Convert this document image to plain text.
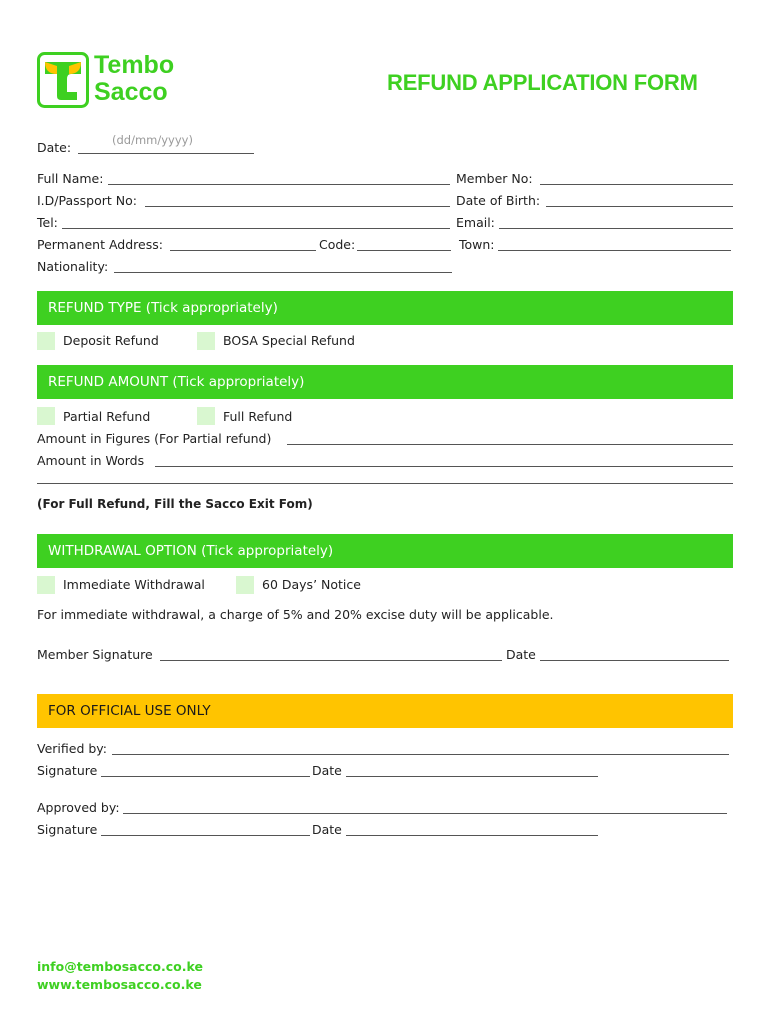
Tembo
Sacco	REFUND APPLICATION FORM
Date:	(dd/mm/yyyy)
Full Name:	Member No:
I.D/Passport No:	Date of Birth:
Tel:	Email:
Permanent Address:	Code:	Town:
Nationality:
REFUND TYPE (Tick appropriately)
Deposit Refund	BOSA Special Refund
REFUND AMOUNT (Tick appropriately)
Partial Refund	Full Refund
Amount in Figures (For Partial refund)
Amount in Words
(For Full Refund, Fill the Sacco Exit Fom)
WITHDRAWAL OPTION (Tick appropriately)
Immediate Withdrawal	60 Days’ Notice
For immediate withdrawal, a charge of 5% and 20% excise duty will be applicable.
Member Signature	Date
FOR OFFICIAL USE ONLY
Verified by:
Signature	Date
Approved by:
Signature	Date
info@tembosacco.co.ke
www.tembosacco.co.ke
